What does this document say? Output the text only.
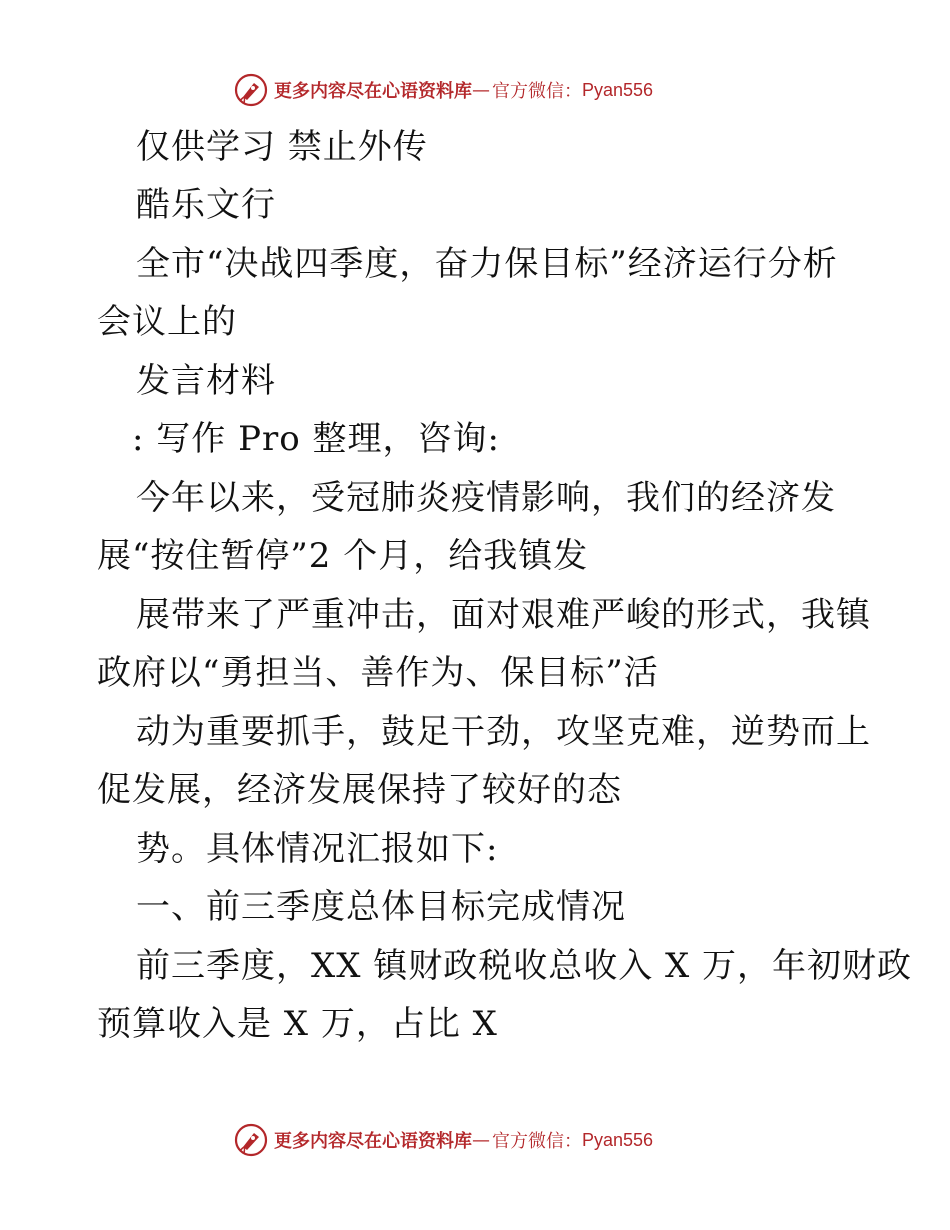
更多内容尽在心语资料库 — 官方微信： Pyan556
仅供学习 禁止外传
酷乐文行
全市“决战四季度，奋力保目标”经济运行分析
会议上的
发言材料
: 写作 Pro 整理，咨询:
今年以来，受冠肺炎疫情影响，我们的经济发
展“按住暂停”2 个月，给我镇发
展带来了严重冲击，面对艰难严峻的形式，我镇
政府以“勇担当、善作为、保目标”活
动为重要抓手，鼓足干劲，攻坚克难，逆势而上
促发展，经济发展保持了较好的态
势。具体情况汇报如下:
一、前三季度总体目标完成情况
前三季度，XX 镇财政税收总收入 X 万，年初财政
预算收入是 X 万，占比 X
更多内容尽在心语资料库 — 官方微信： Pyan556
